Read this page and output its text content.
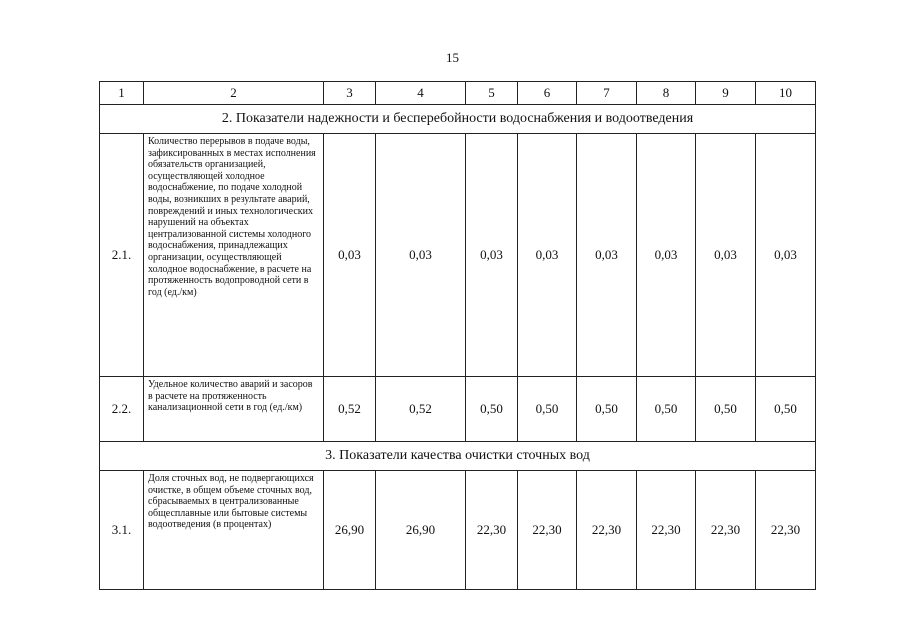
15
1	2	3	4	5	6	7	8	9	10
2. Показатели надежности и бесперебойности водоснабжения и водоотведения									
2.1.	Количество перерывов в подаче воды, зафиксированных в местах исполнения обязательств организацией, осуществляющей холодное водоснабжение, по подаче холодной воды, возникших в результате аварий, повреждений и иных технологических нарушений на объектах централизованной системы холодного водоснабжения, принадлежащих организации, осуществляющей холодное водоснабжение, в расчете на протяженность водопроводной сети в год (ед./км)	0,03	0,03	0,03	0,03	0,03	0,03	0,03	0,03
2.2.	Удельное количество аварий и засоров в расчете на протяженность канализационной сети в год (ед./км)	0,52	0,52	0,50	0,50	0,50	0,50	0,50	0,50
3. Показатели качества очистки сточных вод									
3.1.	Доля сточных вод, не подвергающихся очистке, в общем объеме сточных вод, сбрасываемых в централизованные общесплавные или бытовые системы водоотведения (в процентах)	26,90	26,90	22,30	22,30	22,30	22,30	22,30	22,30
